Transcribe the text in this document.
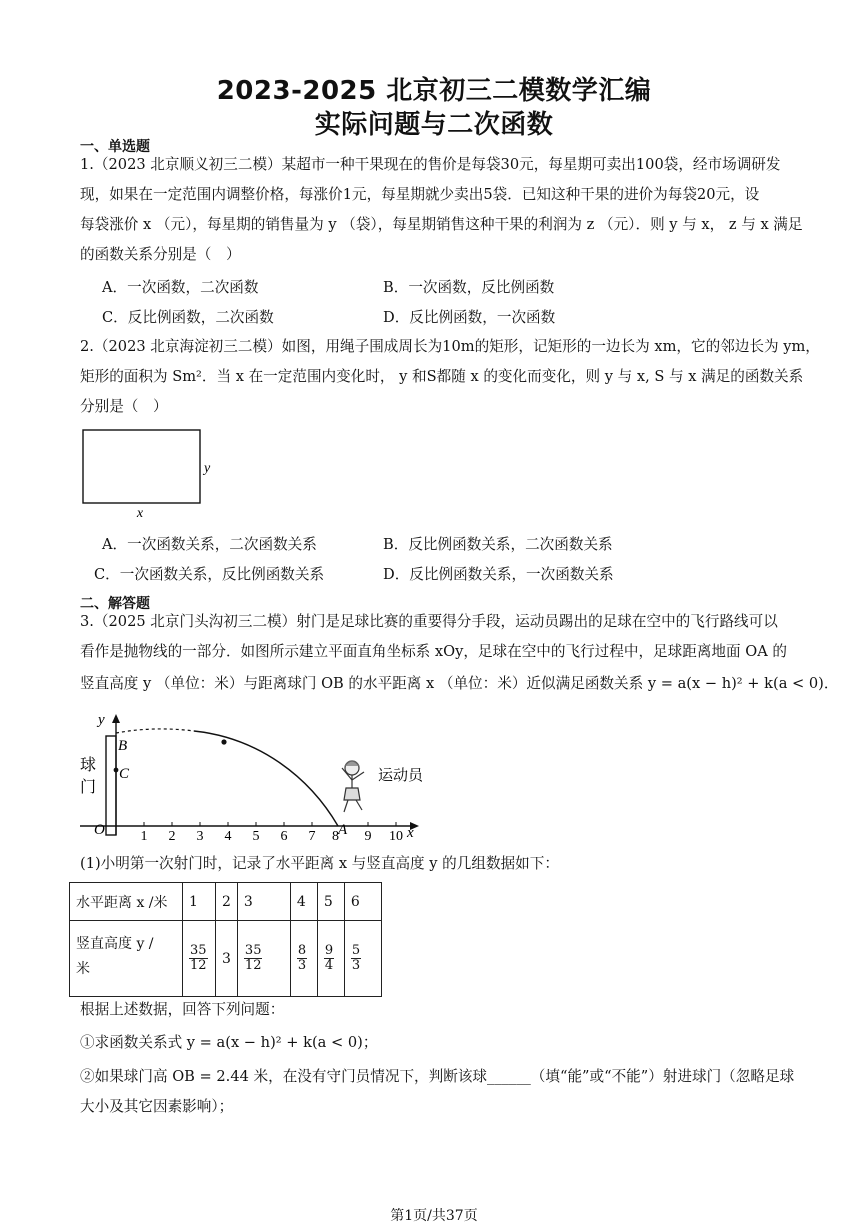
2023-2025 北京初三二模数学汇编
实际问题与二次函数
一、单选题
1.（2023 北京顺义初三二模）某超市一种干果现在的售价是每袋30元，每星期可卖出100袋，经市场调研发
现，如果在一定范围内调整价格，每涨价1元，每星期就少卖出5袋．已知这种干果的进价为每袋20元，设
每袋涨价 x （元），每星期的销售量为 y （袋），每星期销售这种干果的利润为 z （元）．则 y 与 x， z 与 x 满足
的函数关系分别是（　）
A．一次函数，二次函数	B．一次函数，反比例函数
C．反比例函数，二次函数	D．反比例函数，一次函数
2.（2023 北京海淀初三二模）如图，用绳子围成周长为10m的矩形，记矩形的一边长为 xm，它的邻边长为 ym，
矩形的面积为 Sm²．当 x 在一定范围内变化时， y 和S都随 x 的变化而变化，则 y 与 x, S 与 x 满足的函数关系
分别是（　）
x
y
A．一次函数关系，二次函数关系	B．反比例函数关系，二次函数关系
C．一次函数关系，反比例函数关系	D．反比例函数关系，一次函数关系
二、解答题
3.（2025 北京门头沟初三二模）射门是足球比赛的重要得分手段，运动员踢出的足球在空中的飞行路线可以
看作是抛物线的一部分．如图所示建立平面直角坐标系 xOy，足球在空中的飞行过程中，足球距离地面 OA 的
竖直高度 y （单位：米）与距离球门 OB 的水平距离 x （单位：米）近似满足函数关系 y = a(x − h)² + k(a < 0)．
1 2 3 4 5 6 7	9 10
8
y
x
O
B
C
A
球
门
运动员
(1)小明第一次射门时，记录了水平距离 x 与竖直高度 y 的几组数据如下：
水平距离 x /米	1	2	3	4	5	6
竖直高度 y /
米	$\frac{35}{12}$	3	$\frac{35}{12}$	$\frac{8}{3}$	$\frac{9}{4}$	$\frac{5}{3}$
根据上述数据，回答下列问题：
①求函数关系式 y = a(x − h)² + k(a < 0)；
②如果球门高 OB = 2.44 米，在没有守门员情况下，判断该球______（填“能”或“不能”）射进球门（忽略足球
大小及其它因素影响）；
第1页/共37页
